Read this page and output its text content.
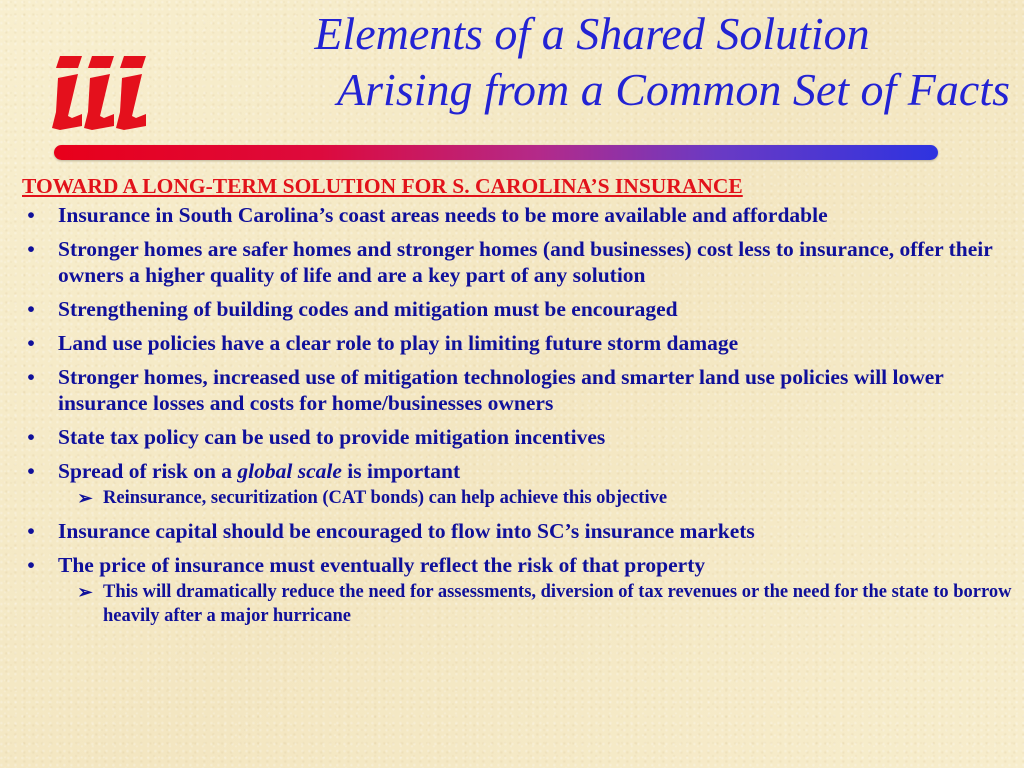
Elements of a Shared Solution
Arising from a Common Set of Facts
TOWARD A LONG-TERM SOLUTION FOR S. CAROLINA’S INSURANCE
• Insurance in South Carolina’s coast areas needs to be more available and affordable
• Stronger homes are safer homes and stronger homes (and businesses) cost less to insurance, offer their owners a higher quality of life and are a key part of any solution
• Strengthening of building codes and mitigation must be encouraged
• Land use policies have a clear role to play in limiting future storm damage
• Stronger homes, increased use of mitigation technologies and smarter land use policies will lower insurance losses and costs for home/businesses owners
• State tax policy can be used to provide mitigation incentives
• Spread of risk on a global scale is important
➢ Reinsurance, securitization (CAT bonds) can help achieve this objective
• Insurance capital should be encouraged to flow into SC’s insurance markets
• The price of insurance must eventually reflect the risk of that property
➢ This will dramatically reduce the need for assessments, diversion of tax revenues or the need for the state to borrow heavily after a major hurricane
